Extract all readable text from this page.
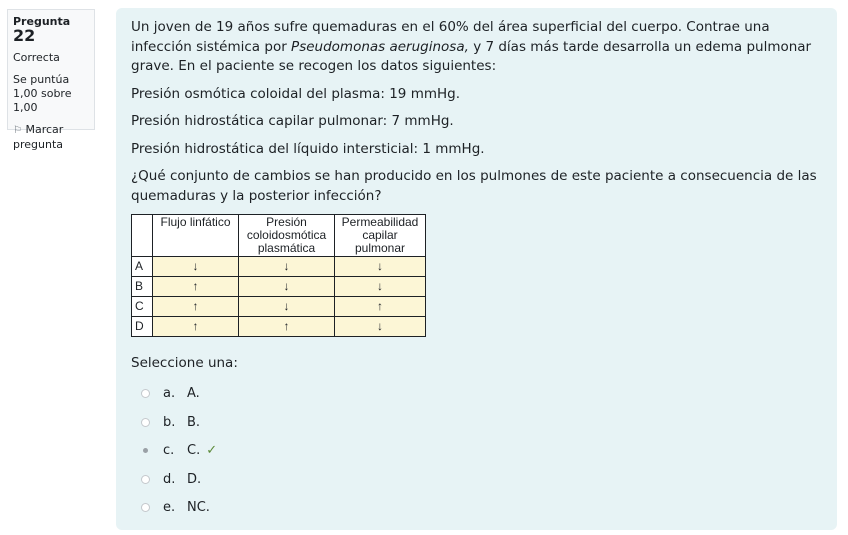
Pregunta 22
Correcta
Se puntúa 1,00 sobre 1,00
⚐ Marcar pregunta

Un joven de 19 años sufre quemaduras en el 60% del área superficial del cuerpo. Contrae una infección sistémica por Pseudomonas aeruginosa, y 7 días más tarde desarrolla un edema pulmonar grave. En el paciente se recogen los datos siguientes:

Presión osmótica coloidal del plasma: 19 mmHg.

Presión hidrostática capilar pulmonar: 7 mmHg.

Presión hidrostática del líquido intersticial: 1 mmHg.

¿Qué conjunto de cambios se han producido en los pulmones de este paciente a consecuencia de las quemaduras y la posterior infección?

	Flujo linfático	Presión coloidosmótica plasmática	Permeabilidad capilar pulmonar
A	↓	↓	↓
B	↑	↓	↓
C	↑	↓	↑
D	↑	↑	↓
Seleccione una:
a. A.
b. B.
c. C. ✓
d. D.
e. NC.
